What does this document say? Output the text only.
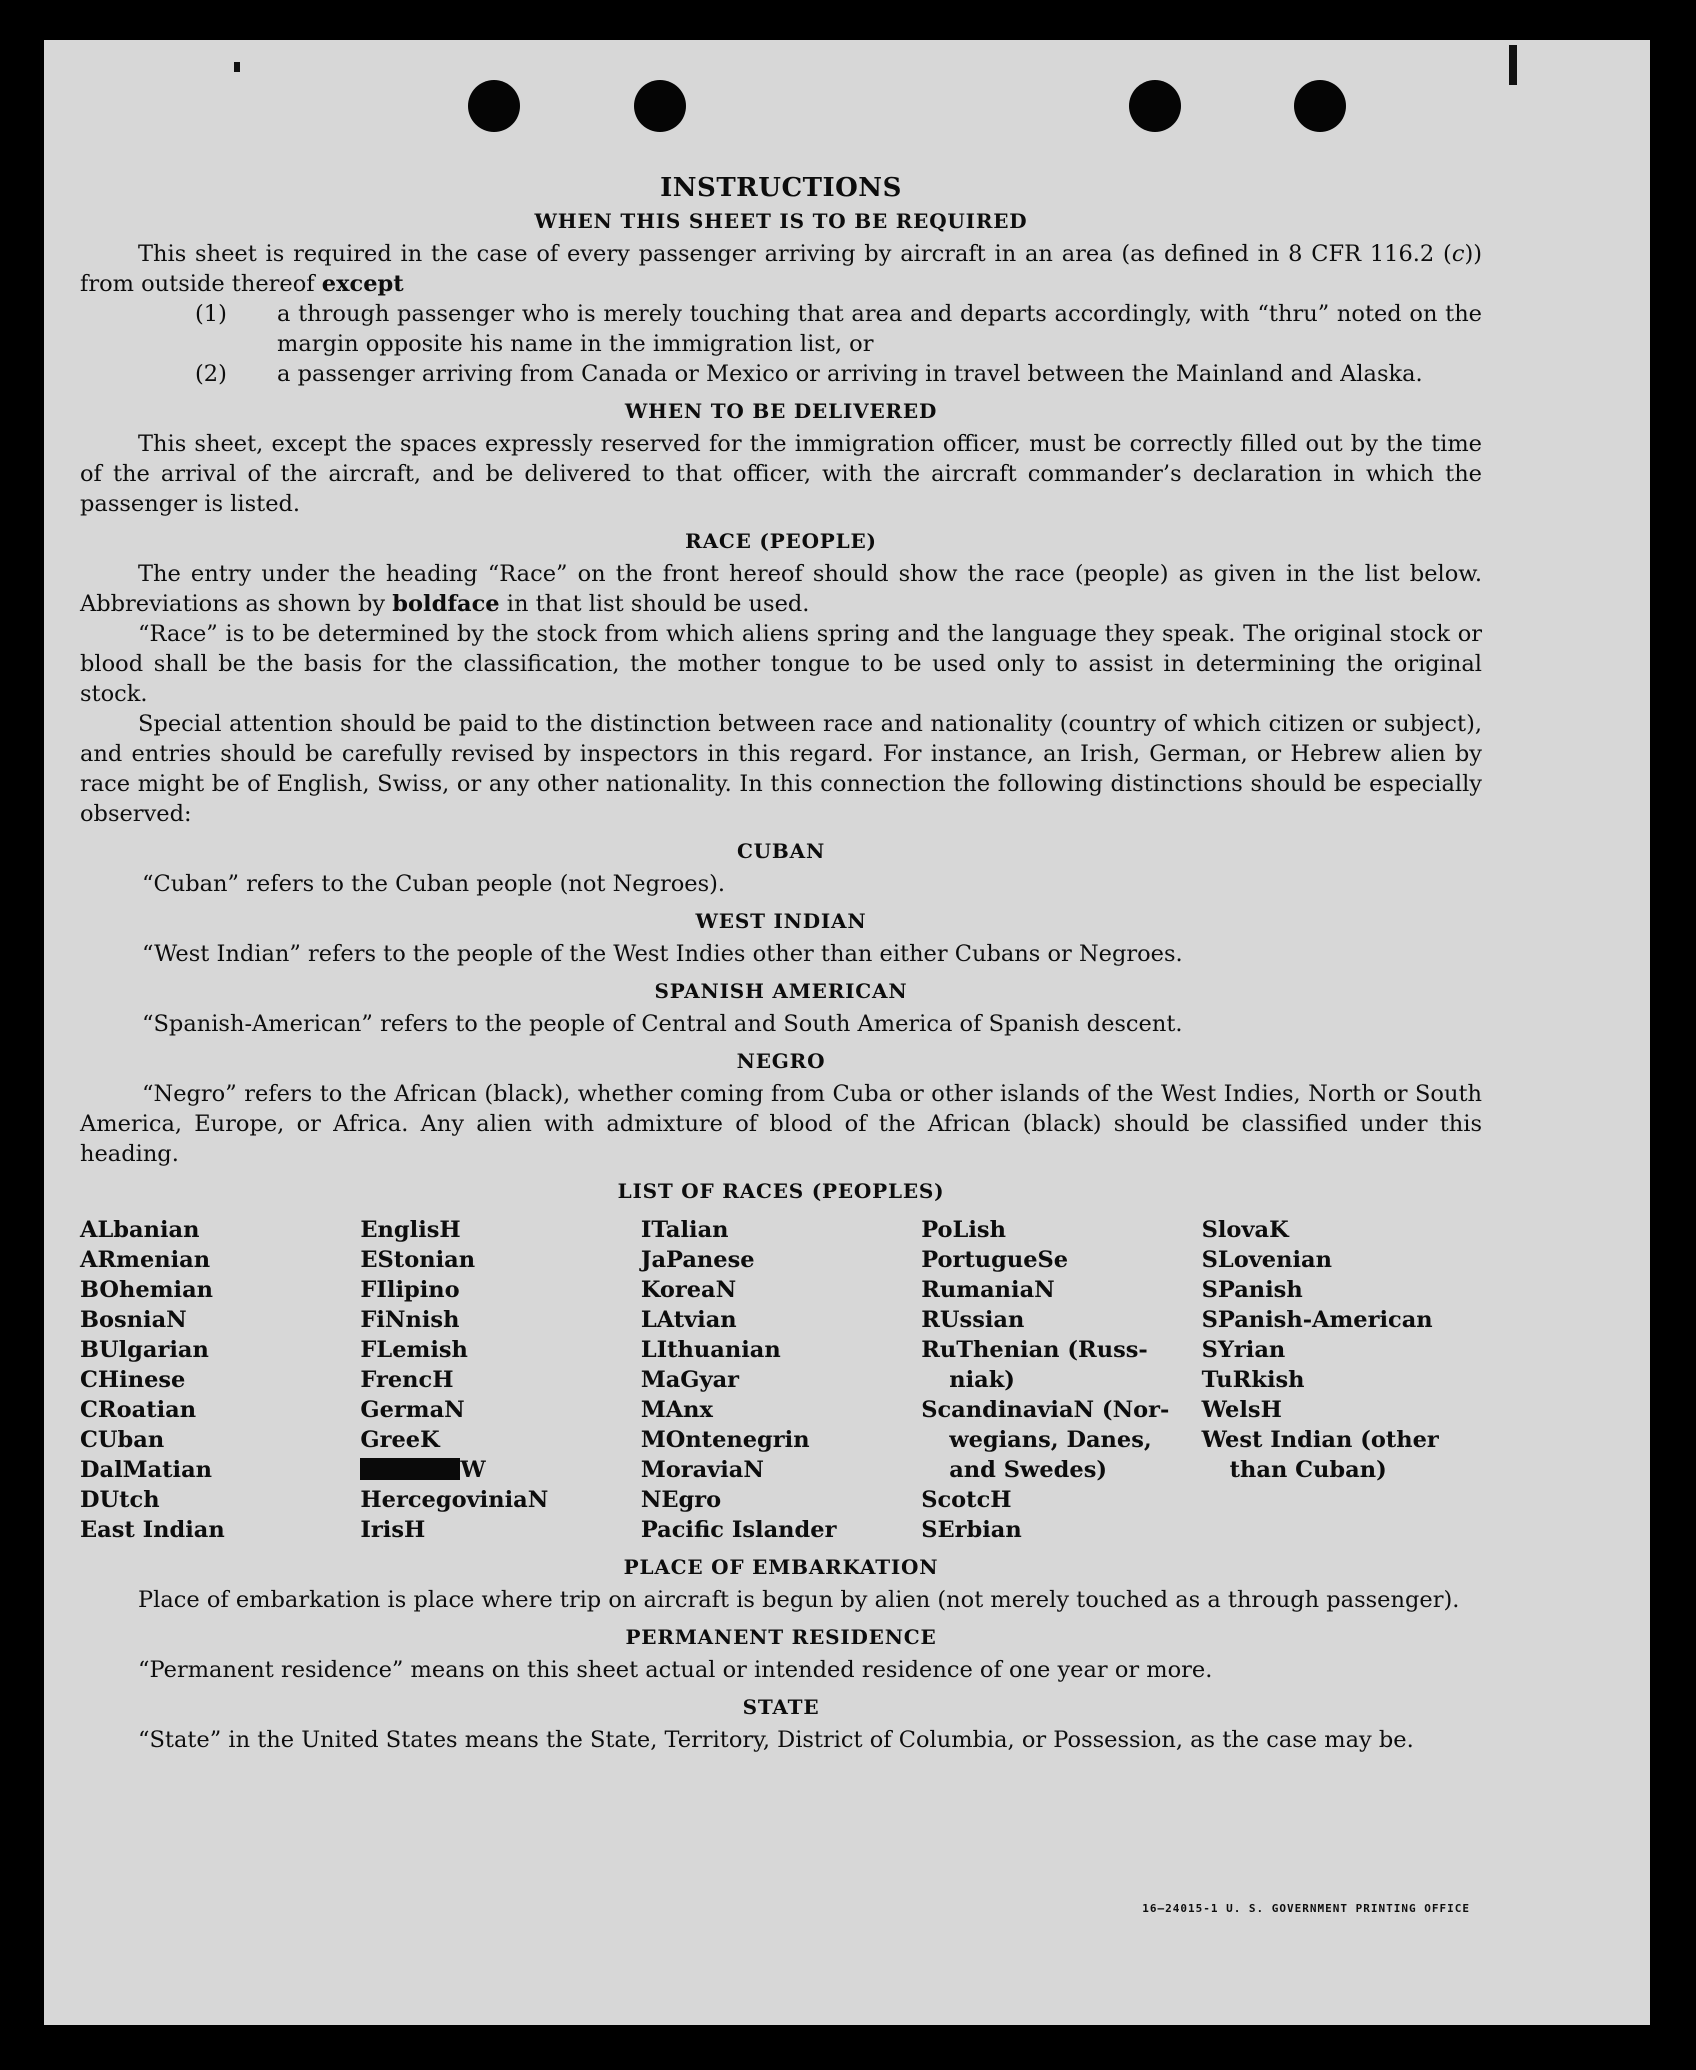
INSTRUCTIONS
WHEN THIS SHEET IS TO BE REQUIRED

This sheet is required in the case of every passenger arriving by aircraft in an area (as defined in 8 CFR 116.2 (c)) from outside thereof except

(1) a through passenger who is merely touching that area and departs accordingly, with “thru” noted on the margin opposite his name in the immigration list, or
(2) a passenger arriving from Canada or Mexico or arriving in travel between the Mainland and Alaska.
WHEN TO BE DELIVERED

This sheet, except the spaces expressly reserved for the immigration officer, must be correctly filled out by the time of the arrival of the aircraft, and be delivered to that officer, with the aircraft commander’s declaration in which the passenger is listed.

RACE (PEOPLE)

The entry under the heading “Race” on the front hereof should show the race (people) as given in the list below. Abbreviations as shown by boldface in that list should be used.

“Race” is to be determined by the stock from which aliens spring and the language they speak. The original stock or blood shall be the basis for the classification, the mother tongue to be used only to assist in determining the original stock.

Special attention should be paid to the distinction between race and nationality (country of which citizen or subject), and entries should be carefully revised by inspectors in this regard. For instance, an Irish, German, or Hebrew alien by race might be of English, Swiss, or any other nationality. In this connection the following distinctions should be especially observed:

CUBAN

“Cuban” refers to the Cuban people (not Negroes).

WEST INDIAN

“West Indian” refers to the people of the West Indies other than either Cubans or Negroes.

SPANISH AMERICAN

“Spanish-American” refers to the people of Central and South America of Spanish descent.

NEGRO

“Negro” refers to the African (black), whether coming from Cuba or other islands of the West Indies, North or South America, Europe, or Africa. Any alien with admixture of blood of the African (black) should be classified under this heading.

LIST OF RACES (PEOPLES)
ALbanian
ARmenian
BOhemian
BosniaN
BUlgarian
CHinese
CRoatian
CUban
DalMatian
DUtch
East Indian
EnglisH
EStonian
FIlipino
FiNnish
FLemish
FrencH
GermaN
GreeK
W
HercegoviniaN
IrisH
ITalian
JaPanese
KoreaN
LAtvian
LIthuanian
MaGyar
MAnx
MOntenegrin
MoraviaN
NEgro
Pacific Islander
PoLish
PortugueSe
RumaniaN
RUssian
RuThenian (Russ-
niak)
ScandinaviaN (Nor-
wegians, Danes,
and Swedes)
ScotcH
SErbian
SlovaK
SLovenian
SPanish
SPanish-American
SYrian
TuRkish
WelsH
West Indian (other
than Cuban)
PLACE OF EMBARKATION

Place of embarkation is place where trip on aircraft is begun by alien (not merely touched as a through passenger).

PERMANENT RESIDENCE

“Permanent residence” means on this sheet actual or intended residence of one year or more.

STATE

“State” in the United States means the State, Territory, District of Columbia, or Possession, as the case may be.

16—24015-1 U. S. GOVERNMENT PRINTING OFFICE
